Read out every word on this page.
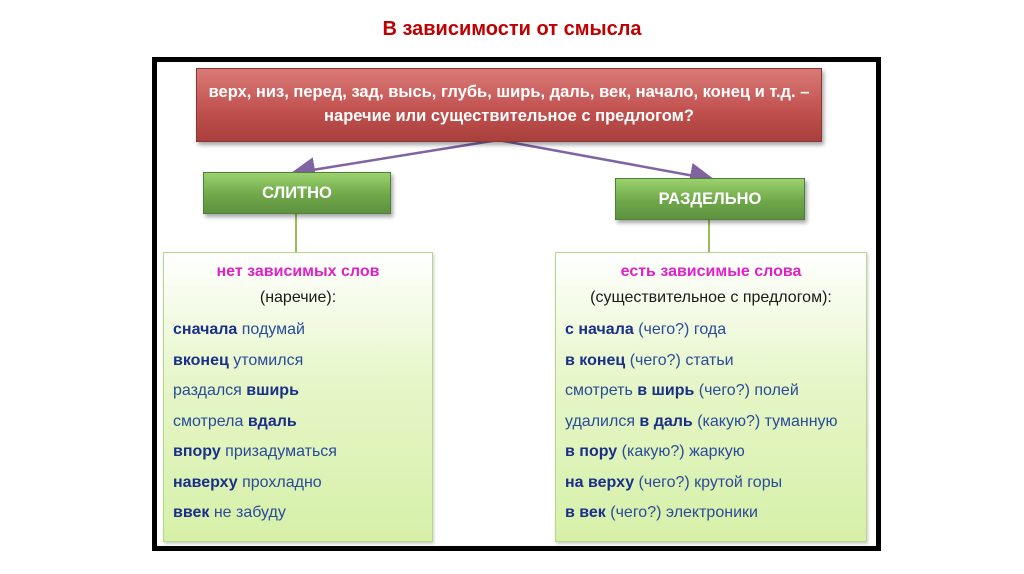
В зависимости от смысла
верх, низ, перед, зад, высь, глубь, ширь, даль, век, начало, конец и т.д. –
наречие или существительное с предлогом?
СЛИТНО	РАЗДЕЛЬНО
нет зависимых слов
(наречие):
сначала подумай
вконец утомился
раздался вширь
смотрела вдаль
впору призадуматься
наверху прохладно
ввек не забуду
есть зависимые слова
(существительное с предлогом):
с начала (чего?) года
в конец (чего?) статьи
смотреть в ширь (чего?) полей
удалился в даль (какую?) туманную
в пору (какую?) жаркую
на верху (чего?) крутой горы
в век (чего?) электроники
